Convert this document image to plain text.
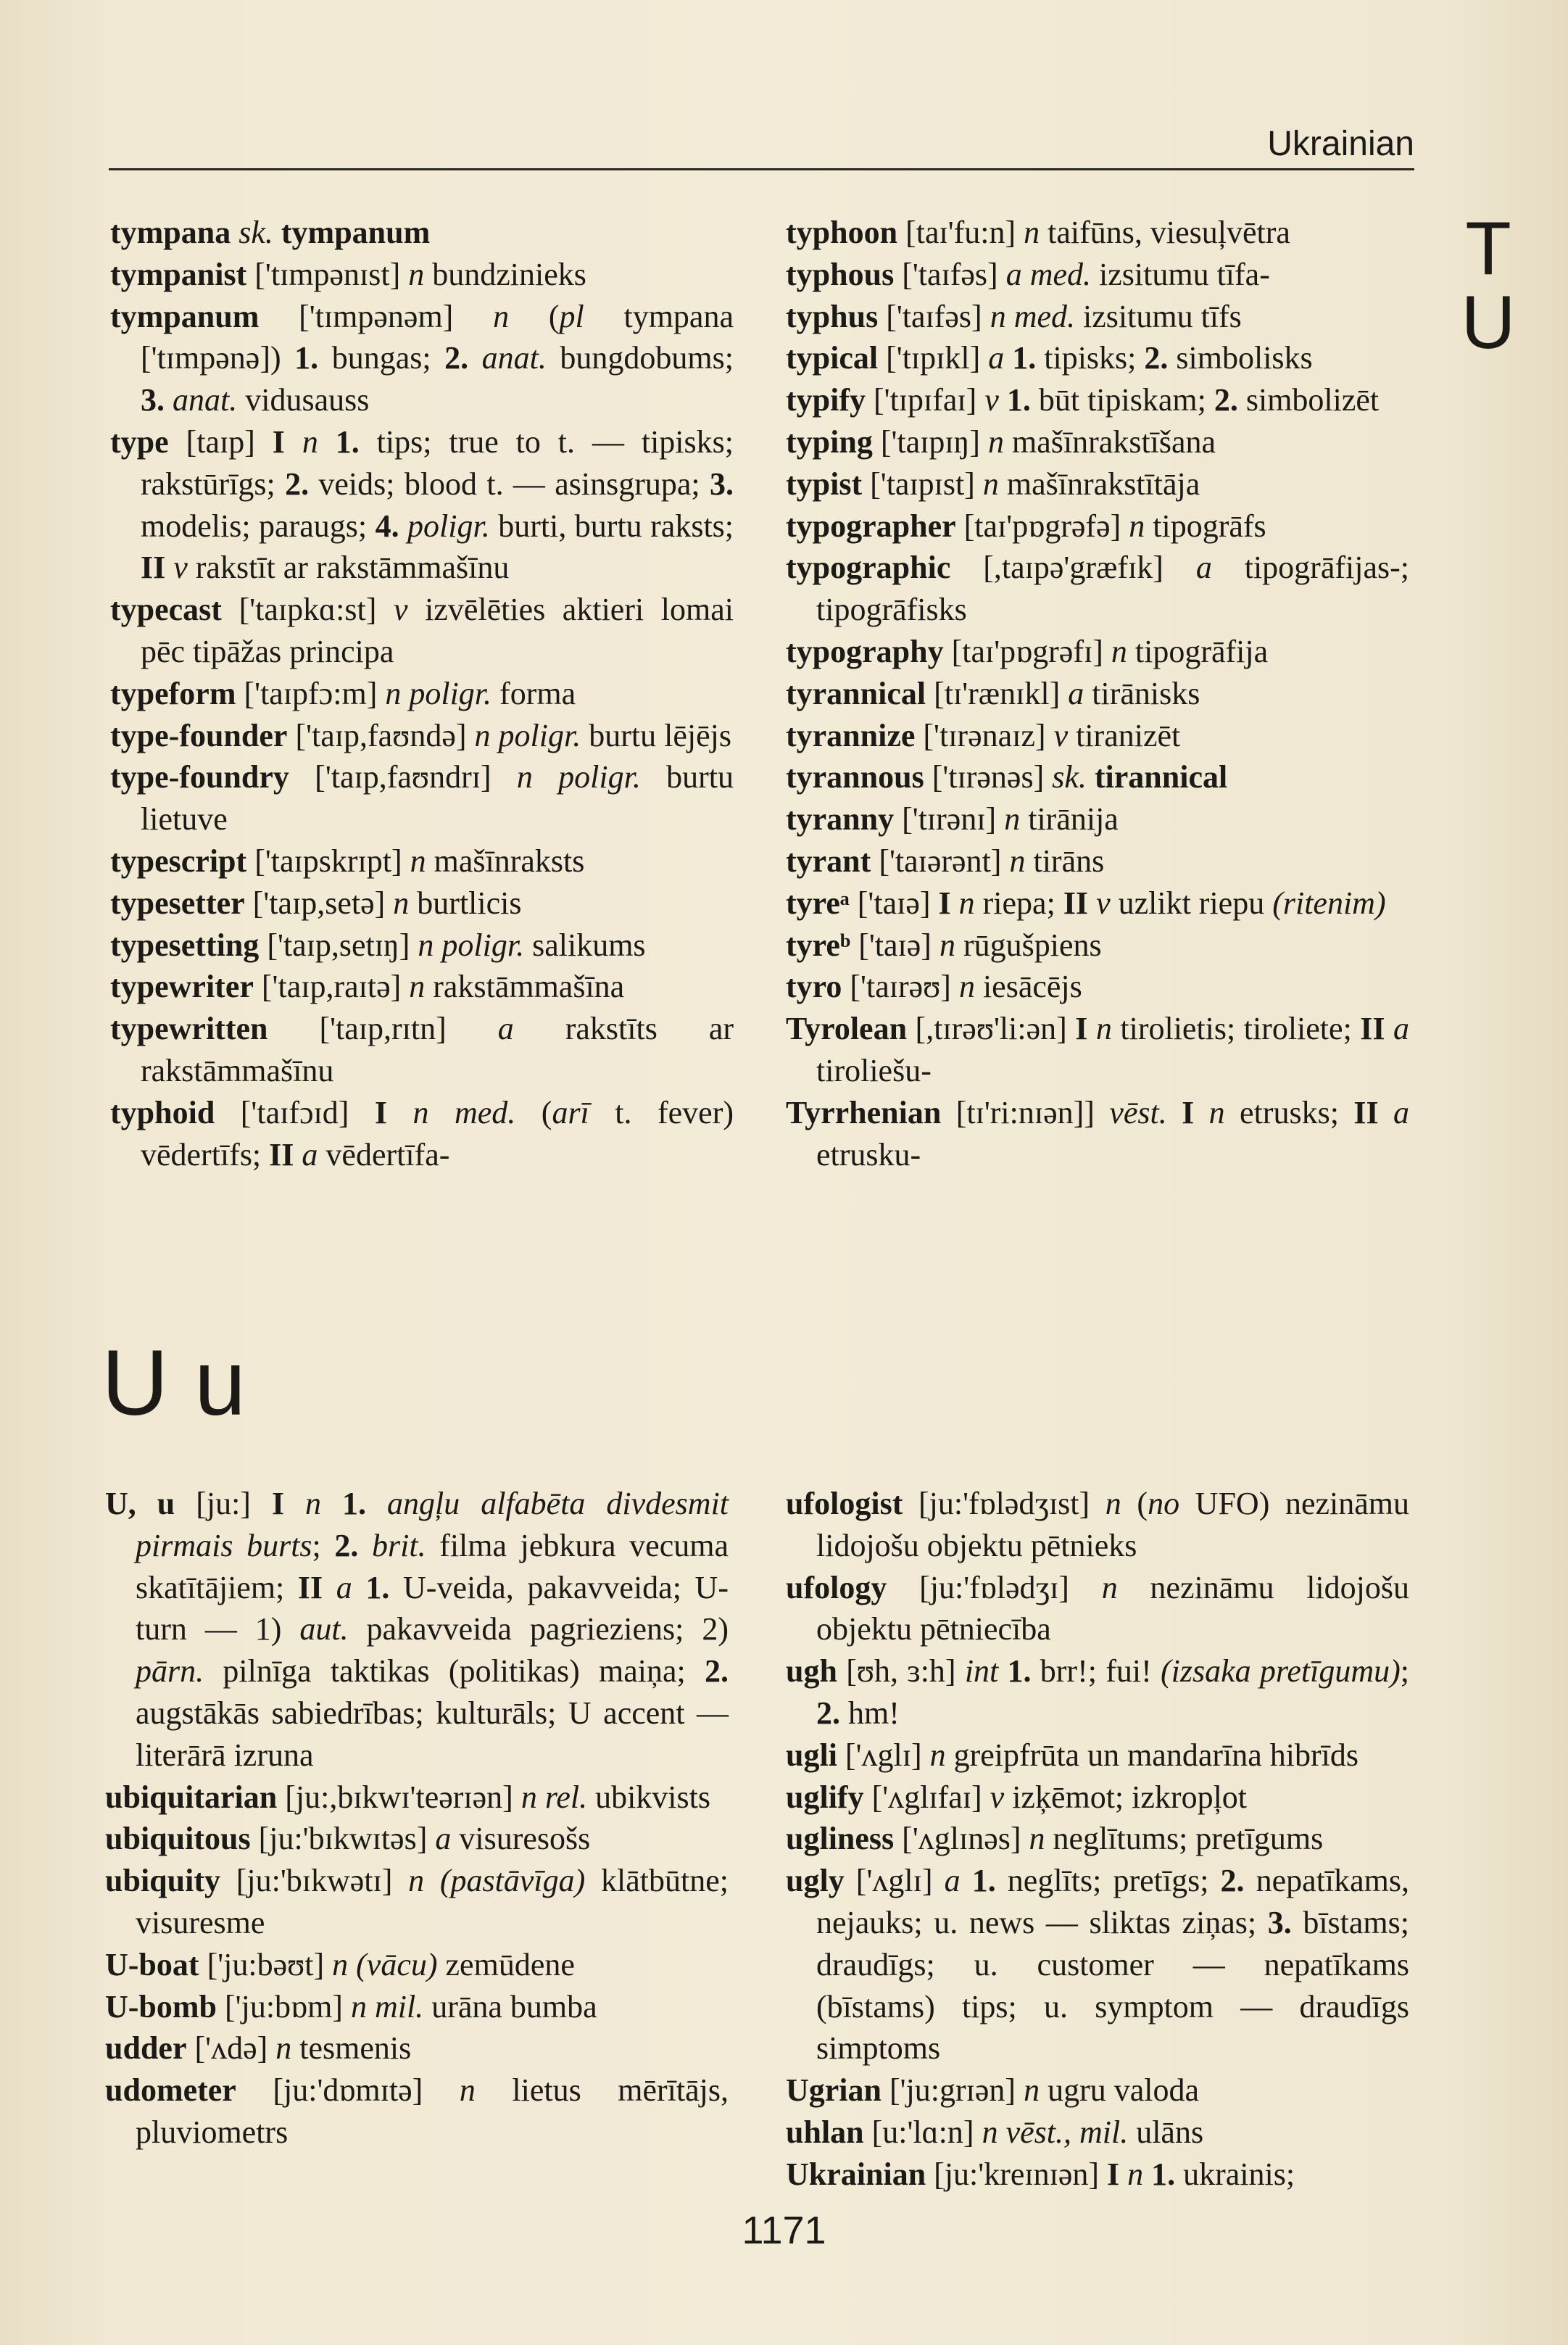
Ukrainian
T
U

tympana sk. tympanum

tympanist ['tɪmpənɪst] n bundzinieks

tympanum ['tɪmpənəm] n (pl tympana ['tɪmpənə]) 1. bungas; 2. anat. bungdobums; 3. anat. vidusauss

type [taɪp] I n 1. tips; true to t. — tipisks; rakstūrīgs; 2. veids; blood t. — asinsgrupa; 3. modelis; paraugs; 4. poligr. burti, burtu raksts; II v rakstīt ar rakstāmmašīnu

typecast ['taɪpkɑ:st] v izvēlēties aktieri lomai pēc tipāžas principa

typeform ['taɪpfɔ:m] n poligr. forma

type-founder ['taɪp,faʊndə] n poligr. burtu lējējs

type-foundry ['taɪp,faʊndrɪ] n poligr. burtu lietuve

typescript ['taɪpskrɪpt] n mašīnraksts

typesetter ['taɪp,setə] n burtlicis

typesetting ['taɪp,setɪŋ] n poligr. salikums

typewriter ['taɪp,raɪtə] n rakstāmmašīna

typewritten ['taɪp,rɪtn] a rakstīts ar rakstāmmašīnu

typhoid ['taɪfɔɪd] I n med. (arī t. fever) vēdertīfs; II a vēdertīfa-

typhoon [taɪ'fu:n] n taifūns, viesuļvētra

typhous ['taɪfəs] a med. izsitumu tīfa-

typhus ['taɪfəs] n med. izsitumu tīfs

typical ['tɪpɪkl] a 1. tipisks; 2. simbolisks

typify ['tɪpɪfaɪ] v 1. būt tipiskam; 2. simbolizēt

typing ['taɪpɪŋ] n mašīnrakstīšana

typist ['taɪpɪst] n mašīnrakstītāja

typographer [taɪ'pɒgrəfə] n tipogrāfs

typographic [,taɪpə'græfɪk] a tipogrāfijas-; tipogrāfisks

typography [taɪ'pɒgrəfɪ] n tipogrāfija

tyrannical [tɪ'rænɪkl] a tirānisks

tyrannize ['tɪrənaɪz] v tiranizēt

tyrannous ['tɪrənəs] sk. tirannical

tyranny ['tɪrənɪ] n tirānija

tyrant ['taɪərənt] n tirāns

tyreᵃ ['taɪə] I n riepa; II v uzlikt riepu (ritenim)

tyreᵇ ['taɪə] n rūgušpiens

tyro ['taɪrəʊ] n iesācējs

Tyrolean [,tɪrəʊ'li:ən] I n tirolietis; tiroliete; II a tiroliešu-

Tyrrhenian [tɪ'ri:nɪən]] vēst. I n etrusks; II a etrusku-

U u

U, u [ju:] I n 1. angļu alfabēta divdesmit pirmais burts; 2. brit. filma jebkura vecuma skatītājiem; II a 1. U-veida, pakavveida; U-turn — 1) aut. pakavveida pagrieziens; 2) pārn. pilnīga taktikas (politikas) maiņa; 2. augstākās sabiedrības; kulturāls; U accent — literārā izruna

ubiquitarian [ju:,bɪkwɪ'teərɪən] n rel. ubikvists

ubiquitous [ju:'bɪkwɪtəs] a visuresošs

ubiquity [ju:'bɪkwətɪ] n (pastāvīga) klātbūtne; visuresme

U-boat ['ju:bəʊt] n (vācu) zemūdene

U-bomb ['ju:bɒm] n mil. urāna bumba

udder ['ʌdə] n tesmenis

udometer [ju:'dɒmɪtə] n lietus mērītājs, pluviometrs

ufologist [ju:'fɒlədʒɪst] n (no UFO) nezināmu lidojošu objektu pētnieks

ufology [ju:'fɒlədʒɪ] n nezināmu lidojošu objektu pētniecība

ugh [ʊh, ɜ:h] int 1. brr!; fui! (izsaka pretīgumu); 2. hm!

ugli ['ʌglɪ] n greipfrūta un mandarīna hibrīds

uglify ['ʌglɪfaɪ] v izķēmot; izkropļot

ugliness ['ʌglɪnəs] n neglītums; pretīgums

ugly ['ʌglɪ] a 1. neglīts; pretīgs; 2. nepatīkams, nejauks; u. news — sliktas ziņas; 3. bīstams; draudīgs; u. customer — nepatīkams (bīstams) tips; u. symptom — draudīgs simptoms

Ugrian ['ju:grɪən] n ugru valoda

uhlan [u:'lɑ:n] n vēst., mil. ulāns

Ukrainian [ju:'kreɪnɪən] I n 1. ukrainis;

1171
